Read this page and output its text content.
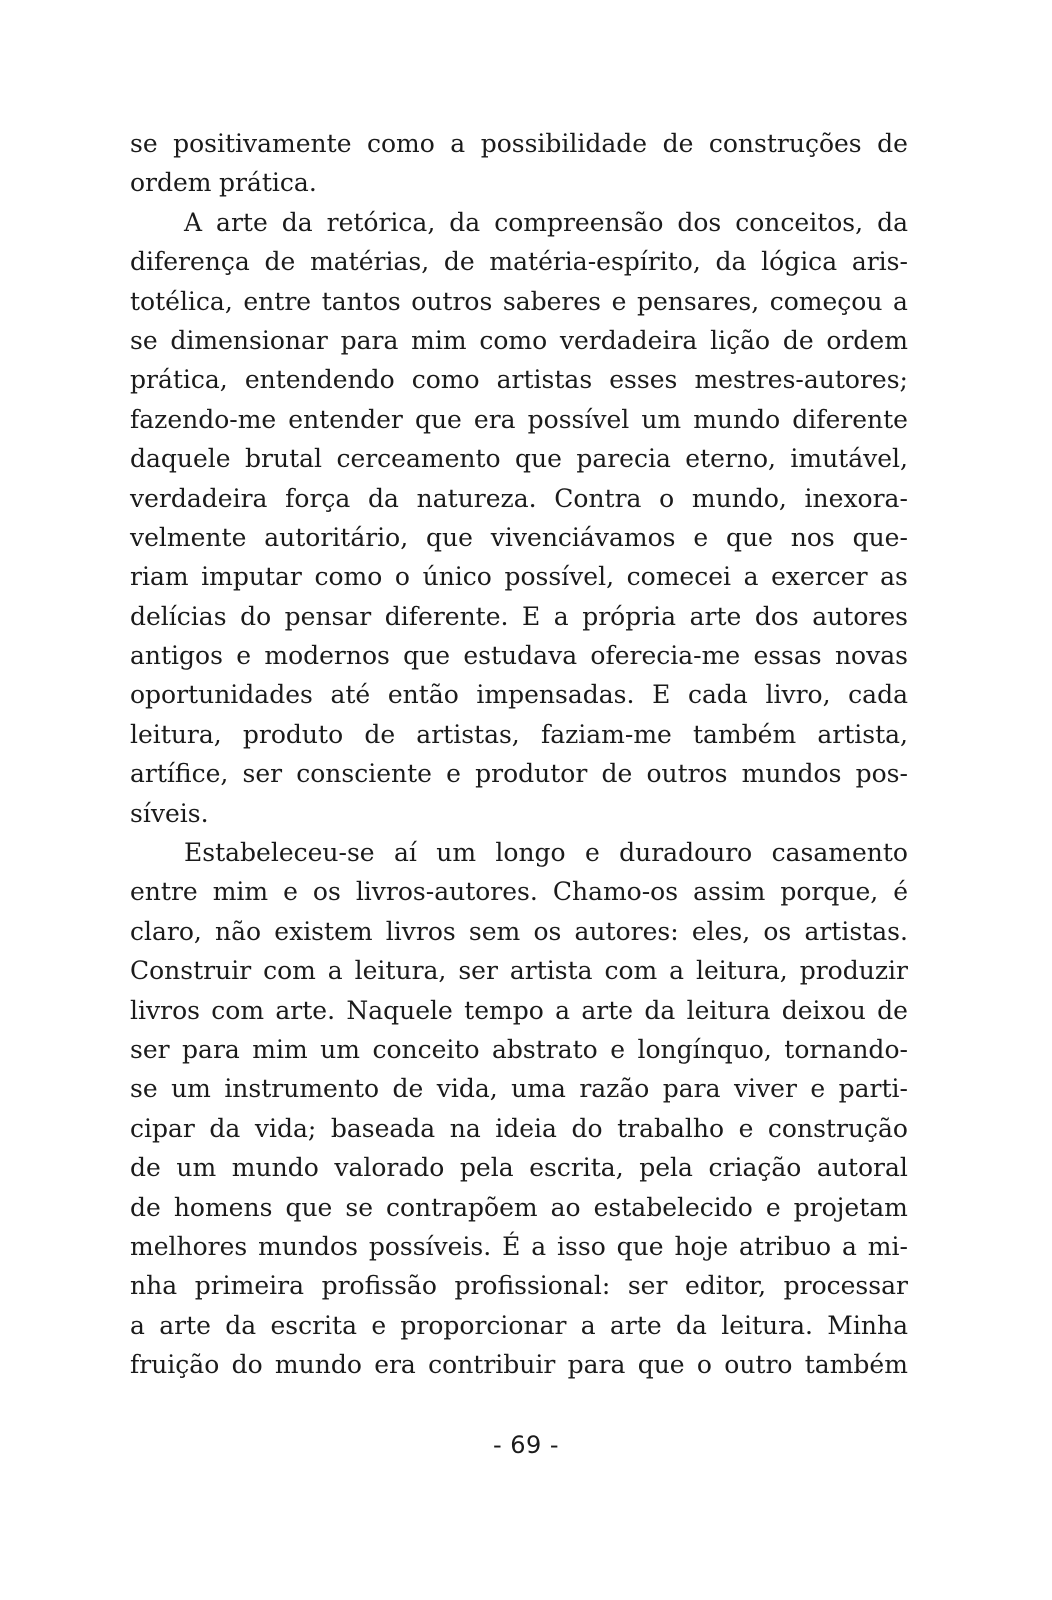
se positivamente como a possibilidade de construções de
ordem prática.
A arte da retórica, da compreensão dos conceitos, da
diferença de matérias, de matéria-espírito, da lógica aris-
totélica, entre tantos outros saberes e pensares, começou a
se dimensionar para mim como verdadeira lição de ordem
prática, entendendo como artistas esses mestres-autores;
fazendo-me entender que era possível um mundo diferente
daquele brutal cerceamento que parecia eterno, imutável,
verdadeira força da natureza. Contra o mundo, inexora-
velmente autoritário, que vivenciávamos e que nos que-
riam imputar como o único possível, comecei a exercer as
delícias do pensar diferente. E a própria arte dos autores
antigos e modernos que estudava oferecia-me essas novas
oportunidades até então impensadas. E cada livro, cada
leitura, produto de artistas, faziam-me também artista,
artífice, ser consciente e produtor de outros mundos pos-
síveis.
Estabeleceu-se aí um longo e duradouro casamento
entre mim e os livros-autores. Chamo-os assim porque, é
claro, não existem livros sem os autores: eles, os artistas.
Construir com a leitura, ser artista com a leitura, produzir
livros com arte. Naquele tempo a arte da leitura deixou de
ser para mim um conceito abstrato e longínquo, tornando-
se um instrumento de vida, uma razão para viver e parti-
cipar da vida; baseada na ideia do trabalho e construção
de um mundo valorado pela escrita, pela criação autoral
de homens que se contrapõem ao estabelecido e projetam
melhores mundos possíveis. É a isso que hoje atribuo a mi-
nha primeira profissão profissional: ser editor, processar
a arte da escrita e proporcionar a arte da leitura. Minha
fruição do mundo era contribuir para que o outro também
- 69 -
